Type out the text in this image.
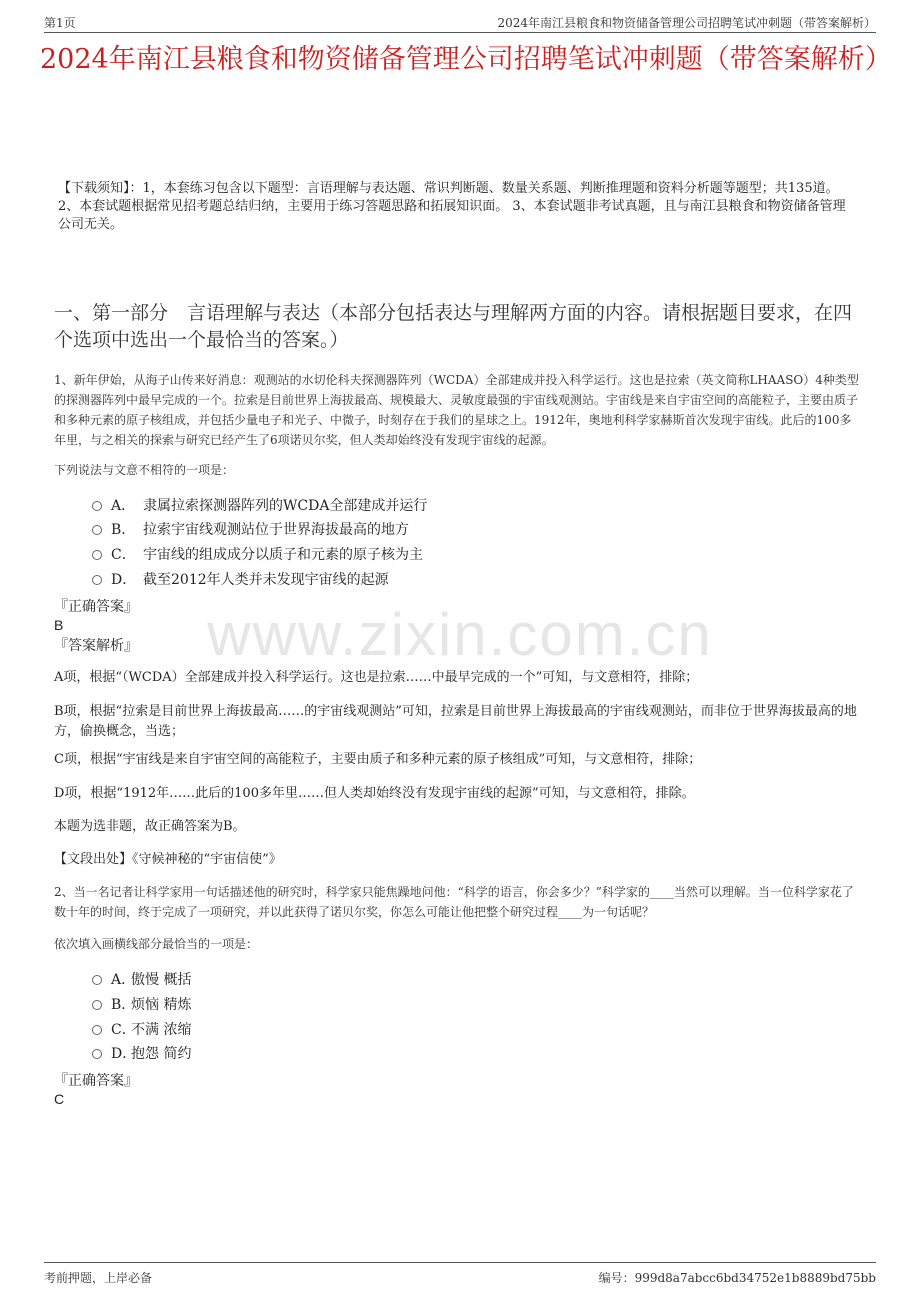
第1页	2024年南江县粮食和物资储备管理公司招聘笔试冲刺题（带答案解析）
2024年南江县粮食和物资储备管理公司招聘笔试冲刺题（带答案解析）
【下载须知】：1，本套练习包含以下题型：言语理解与表达题、常识判断题、数量关系题、判断推理题和资料分析题等题型；共135道。 2、本套试题根据常见招考题总结归纳，主要用于练习答题思路和拓展知识面。 3、本套试题非考试真题，且与南江县粮食和物资储备管理公司无关。
一、第一部分　言语理解与表达（本部分包括表达与理解两方面的内容。请根据题目要求，在四个选项中选出一个最恰当的答案。）
1、新年伊始，从海子山传来好消息：观测站的水切伦科夫探测器阵列（WCDA）全部建成并投入科学运行。这也是拉索（英文简称LHAASO）4种类型的探测器阵列中最早完成的一个。拉索是目前世界上海拔最高、规模最大、灵敏度最强的宇宙线观测站。宇宙线是来自宇宙空间的高能粒子，主要由质子和多种元素的原子核组成，并包括少量电子和光子、中微子，时刻存在于我们的星球之上。1912年，奥地利科学家赫斯首次发现宇宙线。此后的100多年里，与之相关的探索与研究已经产生了6项诺贝尔奖，但人类却始终没有发现宇宙线的起源。
下列说法与文意不相符的一项是：
A． 隶属拉索探测器阵列的WCDA全部建成并运行
B． 拉索宇宙线观测站位于世界海拔最高的地方
C． 宇宙线的组成成分以质子和元素的原子核为主
D． 截至2012年人类并未发现宇宙线的起源
『正确答案』
B
『答案解析』	www.zixin.com.cn
A项，根据“（WCDA）全部建成并投入科学运行。这也是拉索……中最早完成的一个”可知，与文意相符，排除；
B项，根据“拉索是目前世界上海拔最高……的宇宙线观测站”可知，拉索是目前世界上海拔最高的宇宙线观测站，而非位于世界海拔最高的地方，偷换概念，当选；
C项，根据“宇宙线是来自宇宙空间的高能粒子，主要由质子和多种元素的原子核组成”可知，与文意相符，排除；
D项，根据“1912年……此后的100多年里……但人类却始终没有发现宇宙线的起源”可知，与文意相符，排除。
本题为选非题，故正确答案为B。
【文段出处】《守候神秘的“宇宙信使”》
2、当一名记者让科学家用一句话描述他的研究时，科学家只能焦躁地问他：“科学的语言，你会多少？”科学家的____当然可以理解。当一位科学家花了数十年的时间，终于完成了一项研究，并以此获得了诺贝尔奖，你怎么可能让他把整个研究过程____为一句话呢？
依次填入画横线部分最恰当的一项是：
A．傲慢 概括
B．烦恼 精炼
C．不满 浓缩
D．抱怨 简约
『正确答案』
C
考前押题，上岸必备	编号：999d8a7abcc6bd34752e1b8889bd75bb
